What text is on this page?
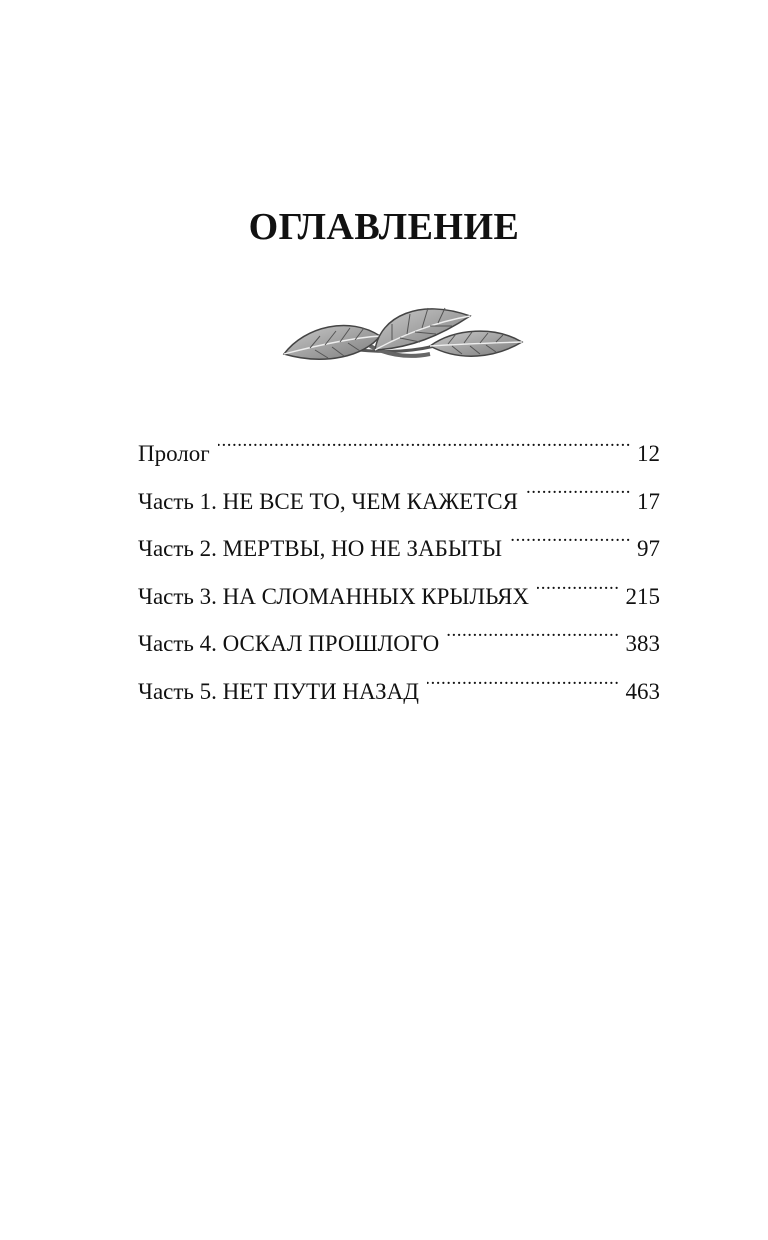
ОГЛАВЛЕНИЕ
Пролог .....	12
Часть 1. НЕ ВСЕ ТО, ЧЕМ КАЖЕТСЯ .....	17
Часть 2. МЕРТВЫ, НО НЕ ЗАБЫТЫ .....	97
Часть 3. НА СЛОМАННЫХ КРЫЛЬЯХ .....	215
Часть 4. ОСКАЛ ПРОШЛОГО .....	383
Часть 5. НЕТ ПУТИ НАЗАД .....	463
